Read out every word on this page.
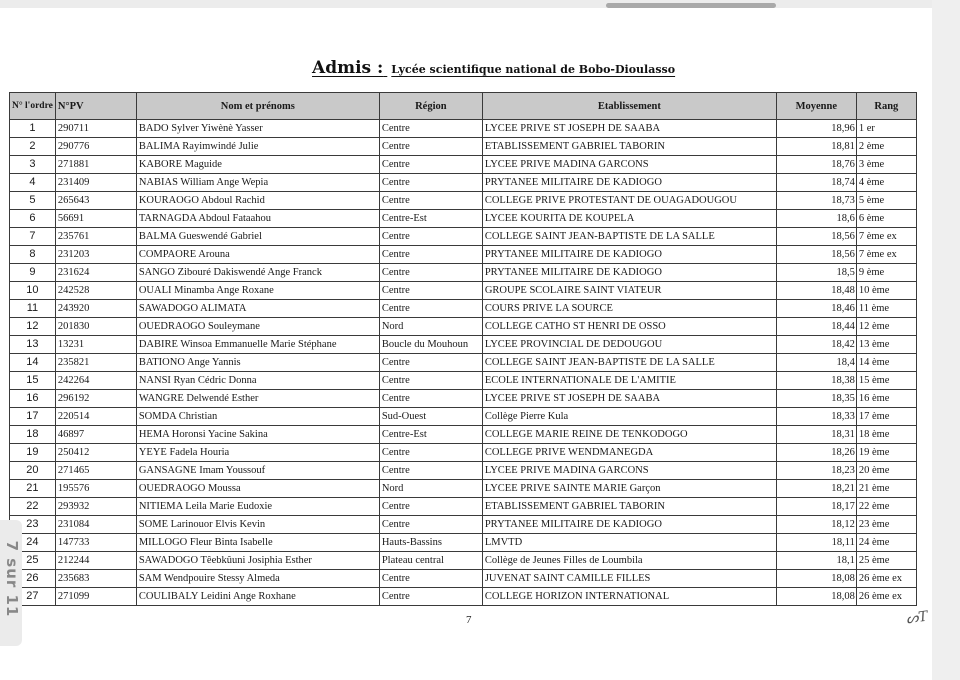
Admis : Lycée scientifique national de Bobo-Dioulasso
N° l'ordre	N°PV	Nom et prénoms	Région	Etablissement	Moyenne	Rang
1	290711	BADO Sylver Yiwènè Yasser	Centre	LYCEE PRIVE ST JOSEPH DE SAABA	18,96	1 er
2	290776	BALIMA Rayimwindé Julie	Centre	ETABLISSEMENT GABRIEL TABORIN	18,81	2 ème
3	271881	KABORE Maguide	Centre	LYCEE PRIVE MADINA GARCONS	18,76	3 ème
4	231409	NABIAS William Ange Wepia	Centre	PRYTANEE MILITAIRE DE KADIOGO	18,74	4 ème
5	265643	KOURAOGO Abdoul Rachid	Centre	COLLEGE PRIVE PROTESTANT DE OUAGADOUGOU	18,73	5 ème
6	56691	TARNAGDA Abdoul Fataahou	Centre-Est	LYCEE KOURITA DE KOUPELA	18,6	6 ème
7	235761	BALMA Gueswendé Gabriel	Centre	COLLEGE SAINT JEAN-BAPTISTE DE LA SALLE	18,56	7 ème ex
8	231203	COMPAORE Arouna	Centre	PRYTANEE MILITAIRE DE KADIOGO	18,56	7 ème ex
9	231624	SANGO Zibouré Dakiswendé Ange Franck	Centre	PRYTANEE MILITAIRE DE KADIOGO	18,5	9 ème
10	242528	OUALI Minamba Ange Roxane	Centre	GROUPE SCOLAIRE SAINT VIATEUR	18,48	10 ème
11	243920	SAWADOGO ALIMATA	Centre	COURS PRIVE LA SOURCE	18,46	11 ème
12	201830	OUEDRAOGO Souleymane	Nord	COLLEGE CATHO ST HENRI DE OSSO	18,44	12 ème
13	13231	DABIRE Winsoa Emmanuelle Marie Stéphane	Boucle du Mouhoun	LYCEE PROVINCIAL DE DEDOUGOU	18,42	13 ème
14	235821	BATIONO Ange Yannis	Centre	COLLEGE SAINT JEAN-BAPTISTE DE LA SALLE	18,4	14 ème
15	242264	NANSI Ryan Cédric Donna	Centre	ECOLE INTERNATIONALE DE L'AMITIE	18,38	15 ème
16	296192	WANGRE Delwendé Esther	Centre	LYCEE PRIVE ST JOSEPH DE SAABA	18,35	16 ème
17	220514	SOMDA Christian	Sud-Ouest	Collège Pierre Kula	18,33	17 ème
18	46897	HEMA Horonsi Yacine Sakina	Centre-Est	COLLEGE MARIE REINE DE TENKODOGO	18,31	18 ème
19	250412	YEYE Fadela Houria	Centre	COLLEGE PRIVE WENDMANEGDA	18,26	19 ème
20	271465	GANSAGNE Imam Youssouf	Centre	LYCEE PRIVE MADINA GARCONS	18,23	20 ème
21	195576	OUEDRAOGO Moussa	Nord	LYCEE PRIVE SAINTE MARIE Garçon	18,21	21 ème
22	293932	NITIEMA Leila Marie Eudoxie	Centre	ETABLISSEMENT GABRIEL TABORIN	18,17	22 ème
23	231084	SOME Larinouor Elvis Kevin	Centre	PRYTANEE MILITAIRE DE KADIOGO	18,12	23 ème
24	147733	MILLOGO Fleur Binta Isabelle	Hauts-Bassins	LMVTD	18,11	24 ème
25	212244	SAWADOGO Têebkûuni Josiphia Esther	Plateau central	Collège de Jeunes Filles de Loumbila	18,1	25 ème
26	235683	SAM Wendpouire Stessy Almeda	Centre	JUVENAT SAINT CAMILLE FILLES	18,08	26 ème ex
27	271099	COULIBALY Leidini Ange Roxhane	Centre	COLLEGE HORIZON INTERNATIONAL	18,08	26 ème ex
7	ᔕT
7 sur 11
